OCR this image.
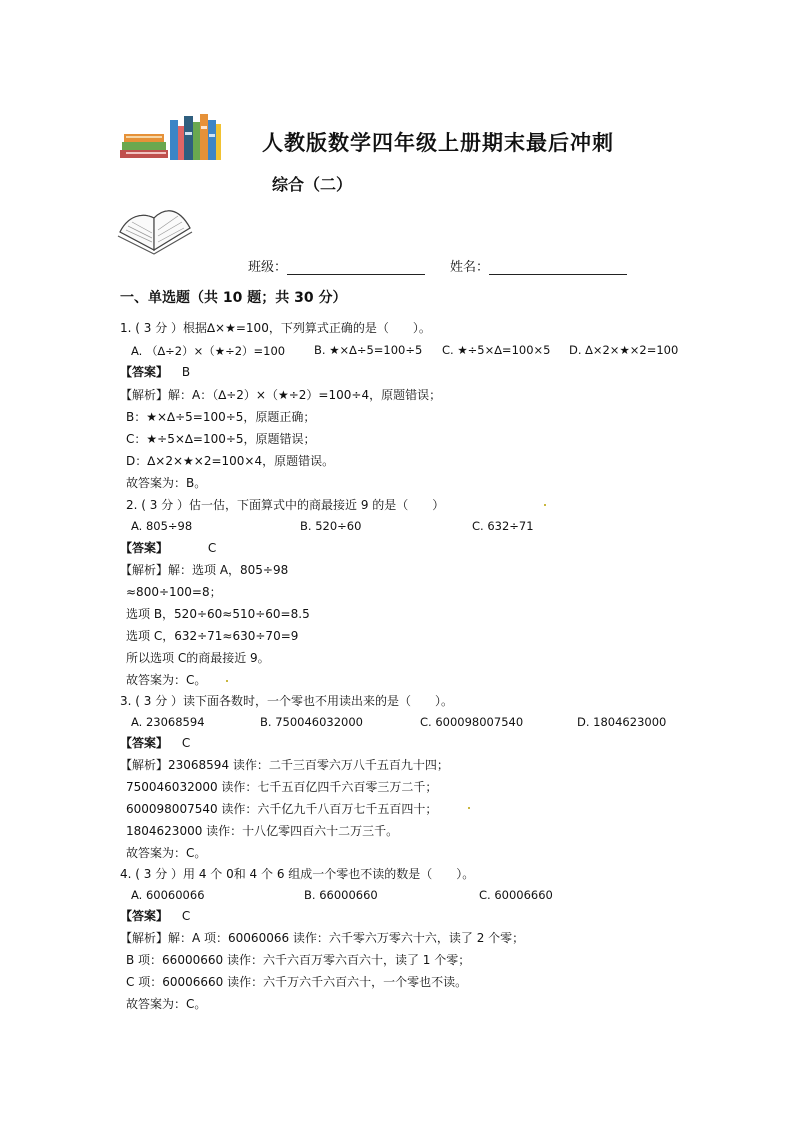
人教版数学四年级上册期末最后冲刺
综合（二）
班级：	姓名：
一、单选题（共 10 题；共 30 分）
1. ( 3 分 ）根据∆×★=100，下列算式正确的是（　　）。
A. （∆÷2）×（★÷2）=100	B. ★×∆÷5=100÷5 C. ★÷5×∆=100×5 D. ∆×2×★×2=100
【答案】 B
【解析】解：A：（∆÷2）×（★÷2）=100÷4，原题错误；
B：★×∆÷5=100÷5，原题正确；
C：★÷5×∆=100÷5，原题错误；
D：∆×2×★×2=100×4，原题错误。
故答案为：B。
2. ( 3 分 ）估一估，下面算式中的商最接近 9 的是（　　）
A. 805÷98	B. 520÷60	C. 632÷71
【答案】	C
【解析】解：选项 A，805÷98
≈800÷100=8；
选项 B，520÷60≈510÷60=8.5
选项 C，632÷71≈630÷70=9
所以选项 C的商最接近 9。
故答案为：C。
3. ( 3 分 ）读下面各数时，一个零也不用读出来的是（　　）。
A. 23068594	B. 750046032000	C. 600098007540	D. 1804623000
【答案】 C
【解析】23068594 读作：二千三百零六万八千五百九十四；
750046032000 读作：七千五百亿四千六百零三万二千；
600098007540 读作：六千亿九千八百万七千五百四十；
1804623000 读作：十八亿零四百六十二万三千。
故答案为：C。
4. ( 3 分 ）用 4 个 0和 4 个 6 组成一个零也不读的数是（　　）。
A. 60060066	B. 66000660	C. 60006660
【答案】 C
【解析】解：A 项：60060066 读作：六千零六万零六十六，读了 2 个零；
B 项：66000660 读作：六千六百万零六百六十，读了 1 个零；
C 项：60006660 读作：六千万六千六百六十，一个零也不读。
故答案为：C。
